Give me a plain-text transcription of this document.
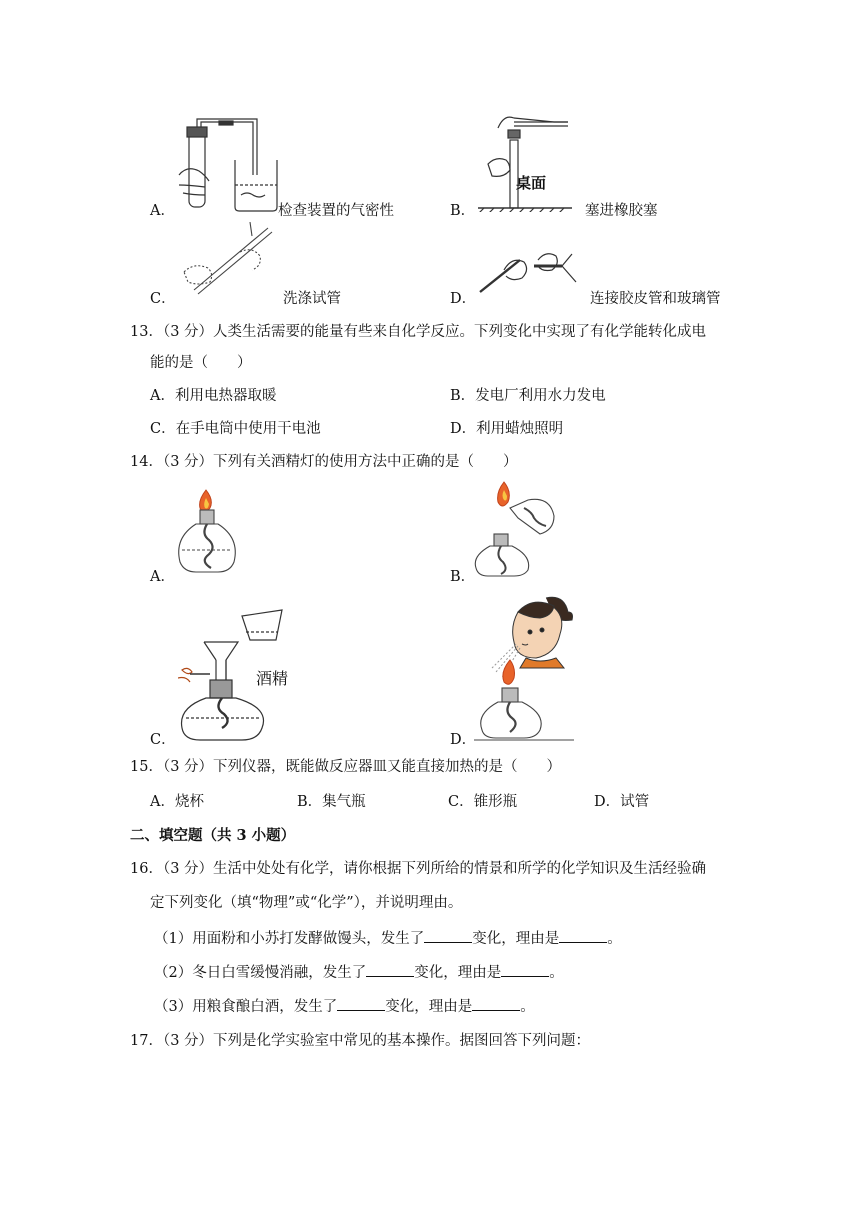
A．	检查装置的气密性
桌面
B．	塞进橡胶塞
C．	洗涤试管	D．	连接胶皮管和玻璃管
13．（3 分）人类生活需要的能量有些来自化学反应。下列变化中实现了有化学能转化成电
能的是（　　）
A．利用电热器取暖	B．发电厂利用水力发电
C．在手电筒中使用干电池	D．利用蜡烛照明
14．（3 分）下列有关酒精灯的使用方法中正确的是（　　）
A．	B．
酒精
C．	D．
15．（3 分）下列仪器，既能做反应器皿又能直接加热的是（　　）
A．烧杯	B．集气瓶	C．锥形瓶	D．试管
二、填空题（共 3 小题）
16．（3 分）生活中处处有化学，请你根据下列所给的情景和所学的化学知识及生活经验确
定下列变化（填“物理”或“化学”），并说明理由。
（1）用面粉和小苏打发酵做馒头，发生了	变化，理由是	。
（2）冬日白雪缓慢消融，发生了	变化，理由是	。
（3）用粮食酿白酒，发生了	变化，理由是	。
17．（3 分）下列是化学实验室中常见的基本操作。据图回答下列问题：
